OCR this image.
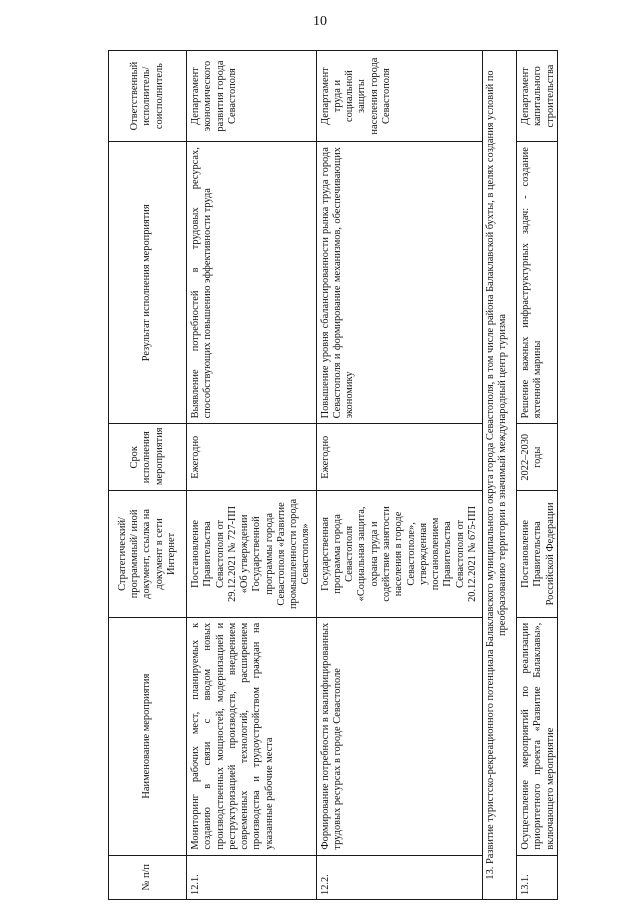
10
№ п/п	Наименование мероприятия	Стратегический/ программный/ иной документ, ссылка на документ в сети Интернет	Срок исполнения мероприятия	Результат исполнения мероприятия	Ответственный исполнитель/ соисполнитель
12.1.	Мониторинг рабочих мест, планируемых к созданию в связи с вводом новых производственных мощностей, модернизацией и реструктуризацией производств, внедрением современных технологий, расширением производства и трудоустройством граждан на указанные рабочие места	Постановление Правительства Севастополя от 29.12.2021 № 727-ПП «Об утверждении Государственной программы города Севастополя «Развитие промышленности города Севастополя»	Ежегодно	Выявление потребностей в трудовых ресурсах, способствующих повышению эффективности труда	Департамент экономического развития города Севастополя
12.2.	Формирование потребности в квалифицированных трудовых ресурсах в городе Севастополе	Государственная программа города Севастополя «Социальная защита, охрана труда и содействие занятости населения в городе Севастополе», утвержденная постановлением Правительства Севастополя от 20.12.2021 № 675-ПП	Ежегодно	Повышение уровня сбалансированности рынка труда города Севастополя и формирование механизмов, обеспечивающих экономику	Департамент труда и социальной защиты населения города Севастополя
13. Развитие туристско-рекреационного потенциала Балаклавского муниципального округа города Севастополя, в том числе района Балаклавской бухты, в целях создания условий по преобразованию территории в значимый международный центр туризма					
13.1.	Осуществление мероприятий по реализации приоритетного проекта «Развитие Балаклавы», включающего мероприятие	Постановление Правительства Российской Федерации	2022–2030 годы	Решение важных инфраструктурных задач: - создание яхтенной марины	Департамент капитального строительства
